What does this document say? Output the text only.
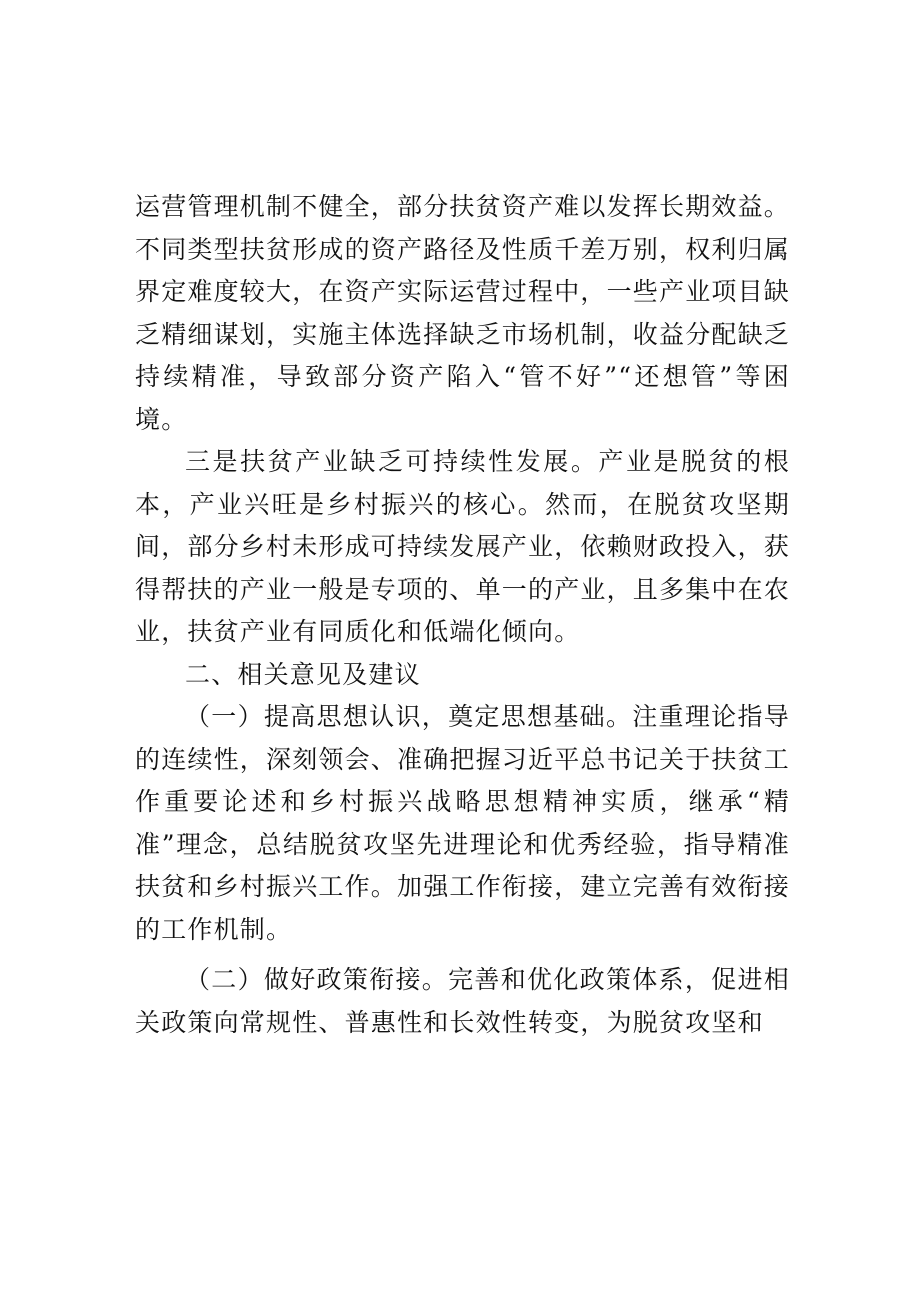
运营管理机制不健全，部分扶贫资产难以发挥长期效益。不同类型扶贫形成的资产路径及性质千差万别，权利归属界定难度较大，在资产实际运营过程中，一些产业项目缺乏精细谋划，实施主体选择缺乏市场机制，收益分配缺乏持续精准，导致部分资产陷入“管不好”“还想管”等困境。

三是扶贫产业缺乏可持续性发展。产业是脱贫的根本，产业兴旺是乡村振兴的核心。然而，在脱贫攻坚期间，部分乡村未形成可持续发展产业，依赖财政投入，获得帮扶的产业一般是专项的、单一的产业，且多集中在农业，扶贫产业有同质化和低端化倾向。

二、相关意见及建议

（一）提高思想认识，奠定思想基础。注重理论指导的连续性，深刻领会、准确把握习近平总书记关于扶贫工作重要论述和乡村振兴战略思想精神实质，继承“精准”理念，总结脱贫攻坚先进理论和优秀经验，指导精准扶贫和乡村振兴工作。加强工作衔接，建立完善有效衔接的工作机制。

（二）做好政策衔接。完善和优化政策体系，促进相关政策向常规性、普惠性和长效性转变，为脱贫攻坚和
